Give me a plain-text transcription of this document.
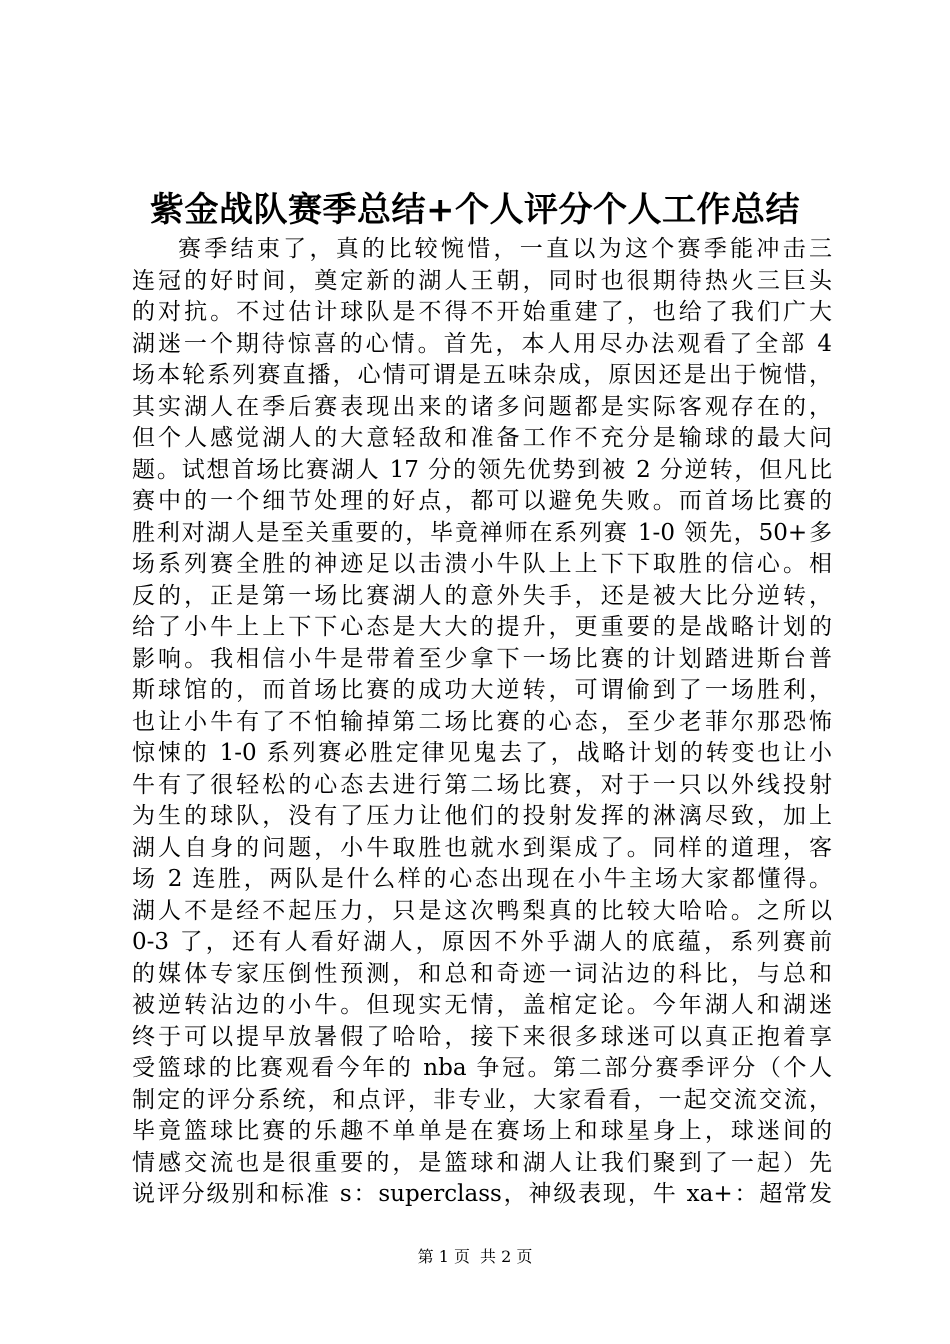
紫金战队赛季总结+个人评分个人工作总结
赛季结束了，真的比较惋惜，一直以为这个赛季能冲击三
连冠的好时间，奠定新的湖人王朝，同时也很期待热火三巨头
的对抗。不过估计球队是不得不开始重建了，也给了我们广大
湖迷一个期待惊喜的心情。首先，本人用尽办法观看了全部 4
场本轮系列赛直播，心情可谓是五味杂成，原因还是出于惋惜，
其实湖人在季后赛表现出来的诸多问题都是实际客观存在的，
但个人感觉湖人的大意轻敌和准备工作不充分是输球的最大问
题。试想首场比赛湖人 17 分的领先优势到被 2 分逆转，但凡比
赛中的一个细节处理的好点，都可以避免失败。而首场比赛的
胜利对湖人是至关重要的，毕竟禅师在系列赛 1-0 领先，50+多
场系列赛全胜的神迹足以击溃小牛队上上下下取胜的信心。相
反的，正是第一场比赛湖人的意外失手，还是被大比分逆转，
给了小牛上上下下心态是大大的提升，更重要的是战略计划的
影响。我相信小牛是带着至少拿下一场比赛的计划踏进斯台普
斯球馆的，而首场比赛的成功大逆转，可谓偷到了一场胜利，
也让小牛有了不怕输掉第二场比赛的心态，至少老菲尔那恐怖
惊悚的 1-0 系列赛必胜定律见鬼去了，战略计划的转变也让小
牛有了很轻松的心态去进行第二场比赛，对于一只以外线投射
为生的球队，没有了压力让他们的投射发挥的淋漓尽致，加上
湖人自身的问题，小牛取胜也就水到渠成了。同样的道理，客
场 2 连胜，两队是什么样的心态出现在小牛主场大家都懂得。
湖人不是经不起压力，只是这次鸭梨真的比较大哈哈。之所以
0-3 了，还有人看好湖人，原因不外乎湖人的底蕴，系列赛前
的媒体专家压倒性预测，和总和奇迹一词沾边的科比，与总和
被逆转沾边的小牛。但现实无情，盖棺定论。今年湖人和湖迷
终于可以提早放暑假了哈哈，接下来很多球迷可以真正抱着享
受篮球的比赛观看今年的 nba 争冠。第二部分赛季评分（个人
制定的评分系统，和点评，非专业，大家看看，一起交流交流，
毕竟篮球比赛的乐趣不单单是在赛场上和球星身上，球迷间的
情感交流也是很重要的，是篮球和湖人让我们聚到了一起）先
说评分级别和标准 s：superclass，神级表现，牛 xa+：超常发
第 1 页 共 2 页
